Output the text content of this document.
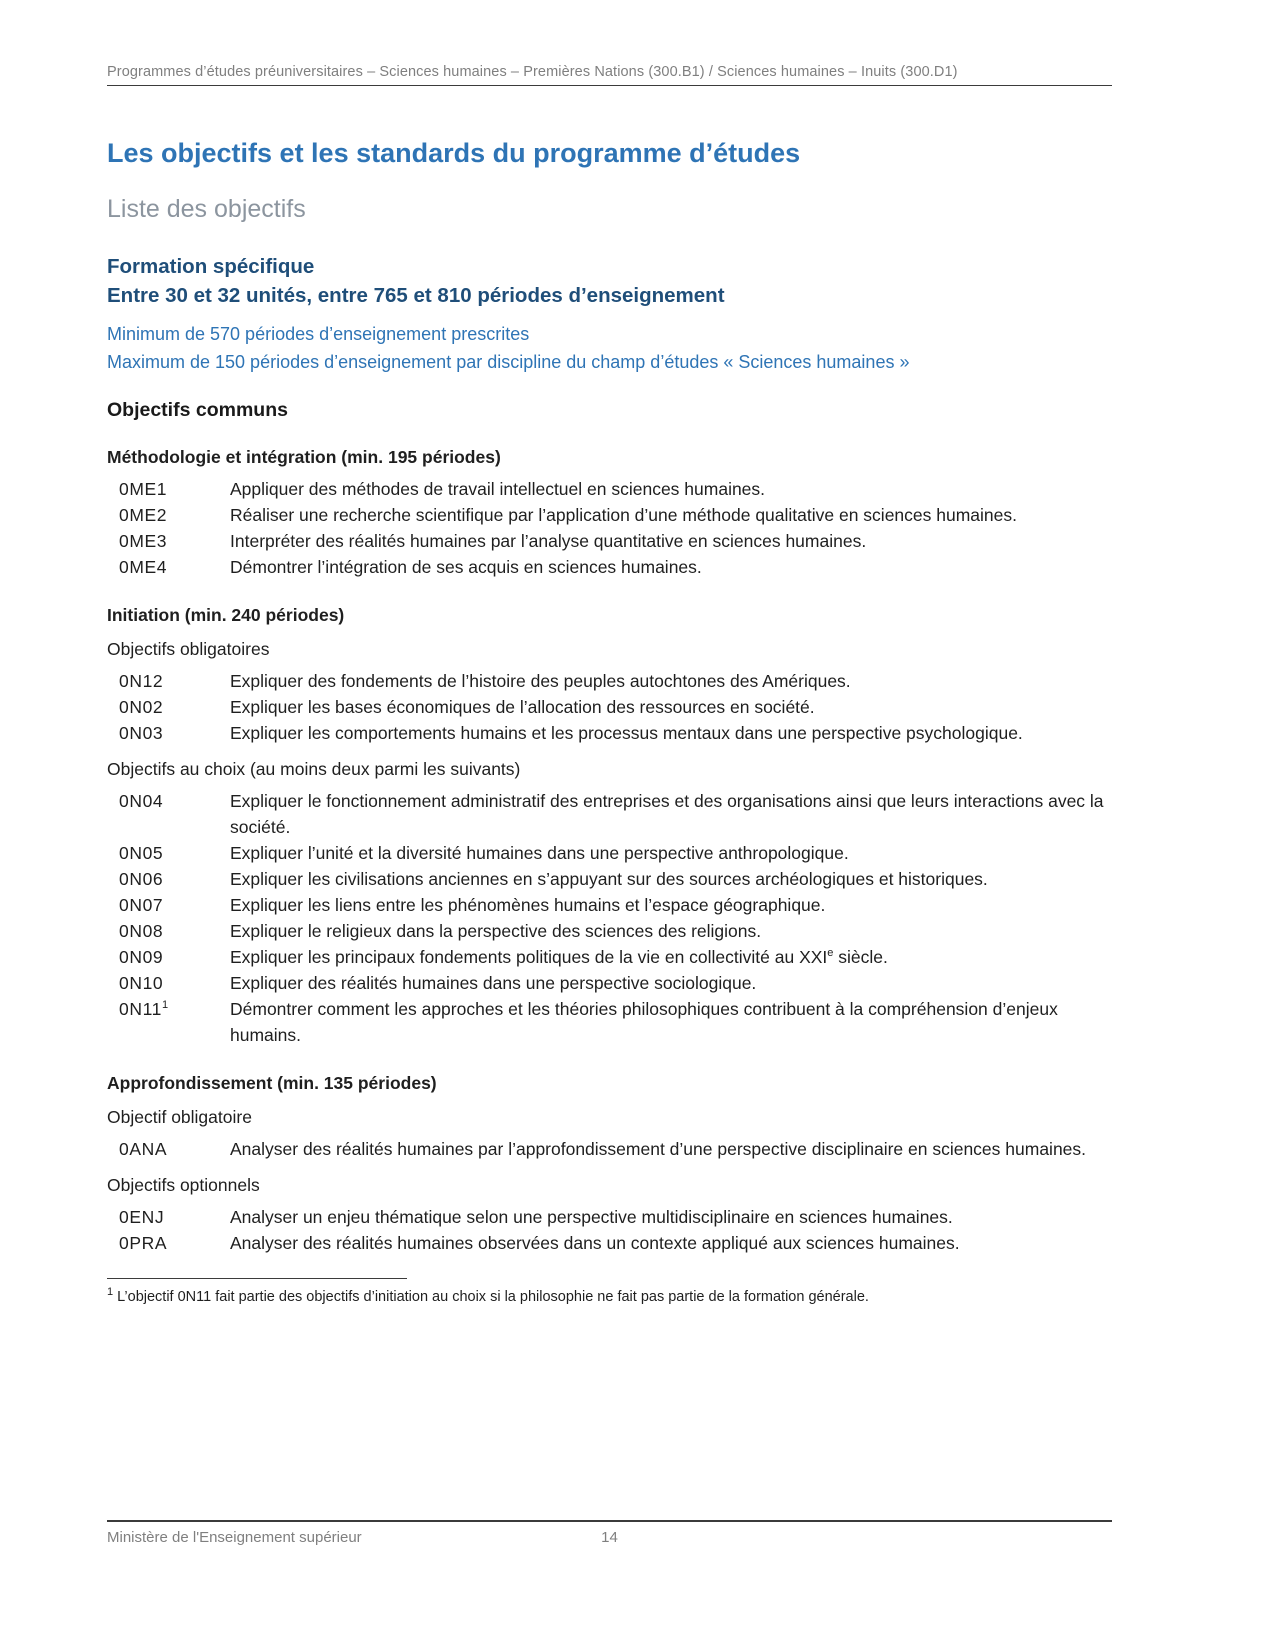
Programmes d’études préuniversitaires – Sciences humaines – Premières Nations (300.B1) / Sciences humaines – Inuits (300.D1)
Les objectifs et les standards du programme d’études
Liste des objectifs
Formation spécifique
Entre 30 et 32 unités, entre 765 et 810 périodes d’enseignement
Minimum de 570 périodes d’enseignement prescrites
Maximum de 150 périodes d’enseignement par discipline du champ d’études « Sciences humaines »
Objectifs communs
Méthodologie et intégration (min. 195 périodes)
0ME1	Appliquer des méthodes de travail intellectuel en sciences humaines.
0ME2	Réaliser une recherche scientifique par l’application d’une méthode qualitative en sciences humaines.
0ME3	Interpréter des réalités humaines par l’analyse quantitative en sciences humaines.
0ME4	Démontrer l’intégration de ses acquis en sciences humaines.
Initiation (min. 240 périodes)
Objectifs obligatoires
0N12	Expliquer des fondements de l’histoire des peuples autochtones des Amériques.
0N02	Expliquer les bases économiques de l’allocation des ressources en société.
0N03	Expliquer les comportements humains et les processus mentaux dans une perspective psychologique.
Objectifs au choix (au moins deux parmi les suivants)
0N04	Expliquer le fonctionnement administratif des entreprises et des organisations ainsi que leurs interactions avec la société.
0N05	Expliquer l’unité et la diversité humaines dans une perspective anthropologique.
0N06	Expliquer les civilisations anciennes en s’appuyant sur des sources archéologiques et historiques.
0N07	Expliquer les liens entre les phénomènes humains et l’espace géographique.
0N08	Expliquer le religieux dans la perspective des sciences des religions.
0N09	Expliquer les principaux fondements politiques de la vie en collectivité au XXIe siècle.
0N10	Expliquer des réalités humaines dans une perspective sociologique.
$0N11^1$	Démontrer comment les approches et les théories philosophiques contribuent à la compréhension d’enjeux humains.
Approfondissement (min. 135 périodes)
Objectif obligatoire
0ANA	Analyser des réalités humaines par l’approfondissement d’une perspective disciplinaire en sciences humaines.
Objectifs optionnels
0ENJ	Analyser un enjeu thématique selon une perspective multidisciplinaire en sciences humaines.
0PRA	Analyser des réalités humaines observées dans un contexte appliqué aux sciences humaines.

$^1$ L’objectif 0N11 fait partie des objectifs d’initiation au choix si la philosophie ne fait pas partie de la formation générale.

Ministère de l'Enseignement supérieur	14
